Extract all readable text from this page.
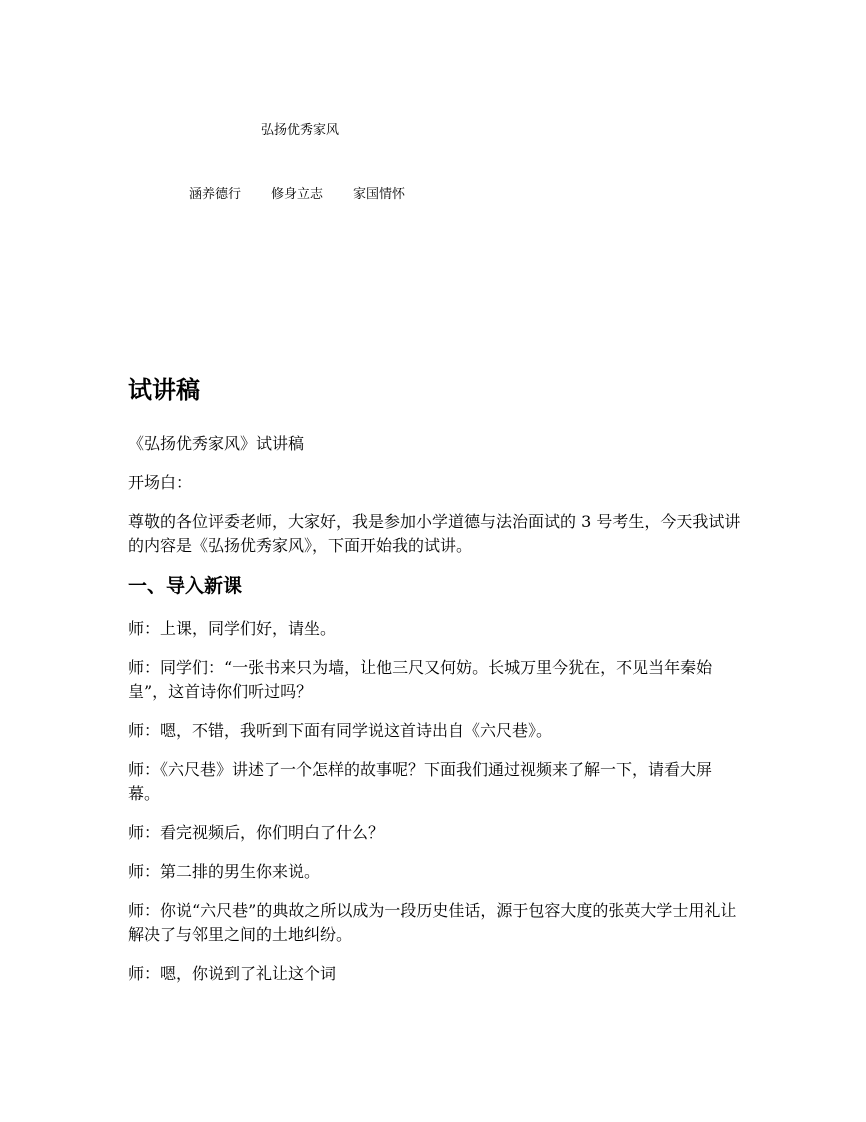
弘扬优秀家风
涵养德行 修身立志 家国情怀
试讲稿

《弘扬优秀家风》试讲稿

开场白：

尊敬的各位评委老师，大家好，我是参加小学道德与法治面试的 3 号考生，今天我试讲的内容是《弘扬优秀家风》，下面开始我的试讲。

一、导入新课

师：上课，同学们好，请坐。

师：同学们：“一张书来只为墙，让他三尺又何妨。长城万里今犹在，不见当年秦始皇”，这首诗你们听过吗？

师：嗯，不错，我听到下面有同学说这首诗出自《六尺巷》。

师：《六尺巷》讲述了一个怎样的故事呢？下面我们通过视频来了解一下，请看大屏幕。

师：看完视频后，你们明白了什么？

师：第二排的男生你来说。

师：你说“六尺巷”的典故之所以成为一段历史佳话，源于包容大度的张英大学士用礼让解决了与邻里之间的土地纠纷。

师：嗯，你说到了礼让这个词
